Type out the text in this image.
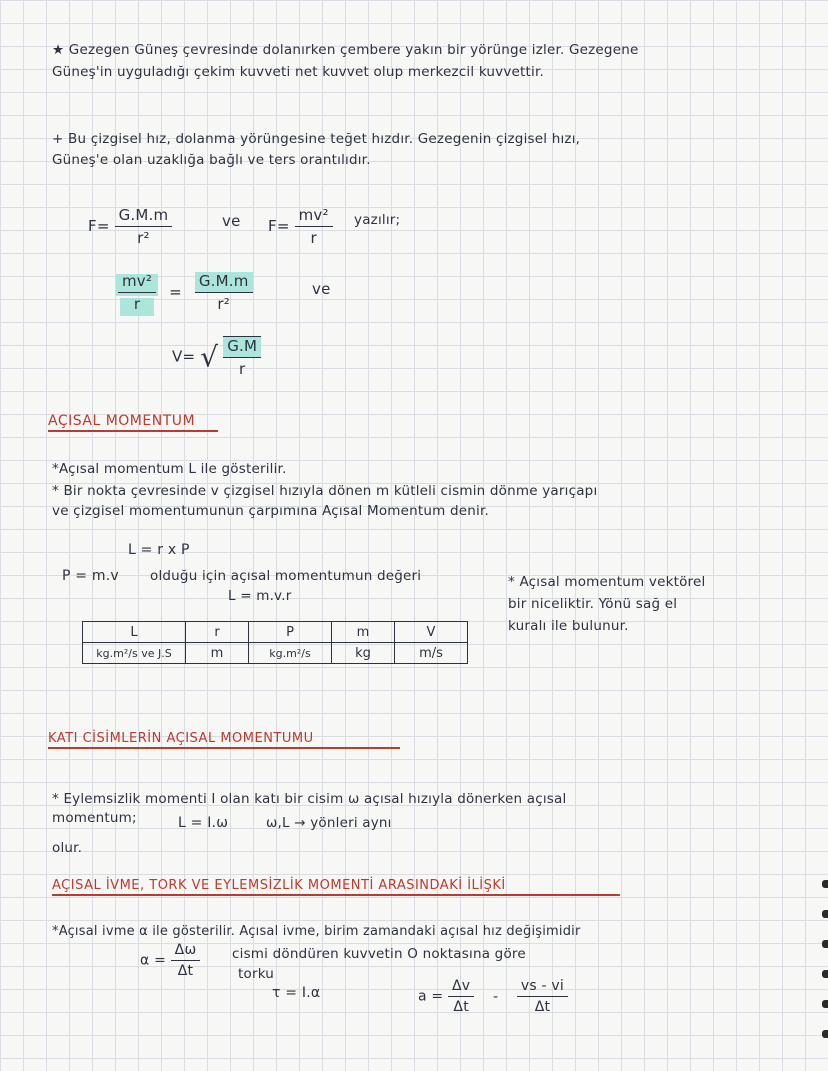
★ Gezegen Güneş çevresinde dolanırken çembere yakın bir yörünge izler. Gezegene
Güneş'in uyguladığı çekim kuvveti net kuvvet olup merkezcil kuvvettir.
+ Bu çizgisel hız, dolanma yörüngesine teğet hızdır. Gezegenin çizgisel hızı,
Güneş'e olan uzaklığa bağlı ve ters orantılıdır.
$F= \frac{G.M.m}{\text{r²}}$	ve $F= \frac{\text{mv²}}{r}$ yazılır;
$\frac{\text{mv²}}{r} = \frac{G.M.m}{\text{r²}}$	ve
V= √ $\frac{G.M}{r}$
AÇISAL MOMENTUM
*Açısal momentum L ile gösterilir.
* Bir nokta çevresinde v çizgisel hızıyla dönen m kütleli cismin dönme yarıçapı
ve çizgisel momentumunun çarpımına Açısal Momentum denir.
L = r x P
P = m.v olduğu için açısal momentumun değeri
L = m.v.r
* Açısal momentum vektörel
bir niceliktir. Yönü sağ el
kuralı ile bulunur.
L	r	P	m	V
kg.m²/s ve J.S	m	kg.m²/s	kg	m/s
KATI CİSİMLERİN AÇISAL MOMENTUMU
* Eylemsizlik momenti I olan katı bir cisim ω açısal hızıyla dönerken açısal
momentum;	L = I.ω	ω,L → yönleri aynı
olur.
AÇISAL İVME, TORK VE EYLEMSİZLİK MOMENTİ ARASINDAKİ İLİŞKİ
*Açısal ivme α ile gösterilir. Açısal ivme, birim zamandaki açısal hız değişimidir
$\alpha = \frac{\Delta\omega}{\Delta t}$ cismi döndüren kuvvetin O noktasına göre
torku
τ = I.α	$a = \frac{\Delta v}{\Delta t} - \frac{vs - vi}{\Delta t}$
